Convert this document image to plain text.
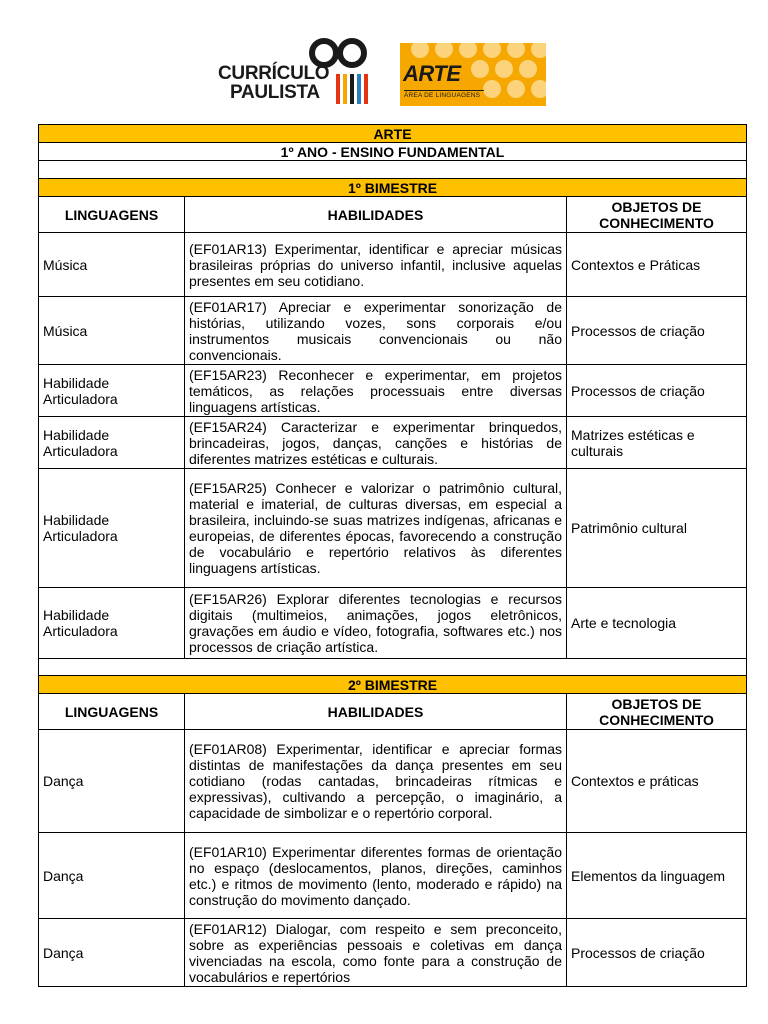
CURRÍCULO
PAULISTA
ARTE
ÁREA DE LINGUAGENS
ARTE		
1º ANO - ENSINO FUNDAMENTAL		

1º BIMESTRE		
LINGUAGENS	HABILIDADES	OBJETOS DE CONHECIMENTO
Música	(EF01AR13) Experimentar, identificar e apreciar músicas brasileiras próprias do universo infantil, inclusive aquelas presentes em seu cotidiano.	Contextos e Práticas
Música	(EF01AR17) Apreciar e experimentar sonorização de histórias, utilizando vozes, sons corporais e/ou instrumentos musicais convencionais ou não convencionais.	Processos de criação
Habilidade Articuladora	(EF15AR23) Reconhecer e experimentar, em projetos temáticos, as relações processuais entre diversas linguagens artísticas.	Processos de criação
Habilidade Articuladora	(EF15AR24) Caracterizar e experimentar brinquedos, brincadeiras, jogos, danças, canções e histórias de diferentes matrizes estéticas e culturais.	Matrizes estéticas e culturais
Habilidade Articuladora	(EF15AR25) Conhecer e valorizar o patrimônio cultural, material e imaterial, de culturas diversas, em especial a brasileira, incluindo-se suas matrizes indígenas, africanas e europeias, de diferentes épocas, favorecendo a construção de vocabulário e repertório relativos às diferentes linguagens artísticas.	Patrimônio cultural
Habilidade Articuladora	(EF15AR26) Explorar diferentes tecnologias e recursos digitais (multimeios, animações, jogos eletrônicos, gravações em áudio e vídeo, fotografia, softwares etc.) nos processos de criação artística.	Arte e tecnologia

2º BIMESTRE		
LINGUAGENS	HABILIDADES	OBJETOS DE CONHECIMENTO
Dança	(EF01AR08) Experimentar, identificar e apreciar formas distintas de manifestações da dança presentes em seu cotidiano (rodas cantadas, brincadeiras rítmicas e expressivas), cultivando a percepção, o imaginário, a capacidade de simbolizar e o repertório corporal.	Contextos e práticas
Dança	(EF01AR10) Experimentar diferentes formas de orientação no espaço (deslocamentos, planos, direções, caminhos etc.) e ritmos de movimento (lento, moderado e rápido) na construção do movimento dançado.	Elementos da linguagem
Dança	(EF01AR12) Dialogar, com respeito e sem preconceito, sobre as experiências pessoais e coletivas em dança vivenciadas na escola, como fonte para a construção de vocabulários e repertórios	Processos de criação
